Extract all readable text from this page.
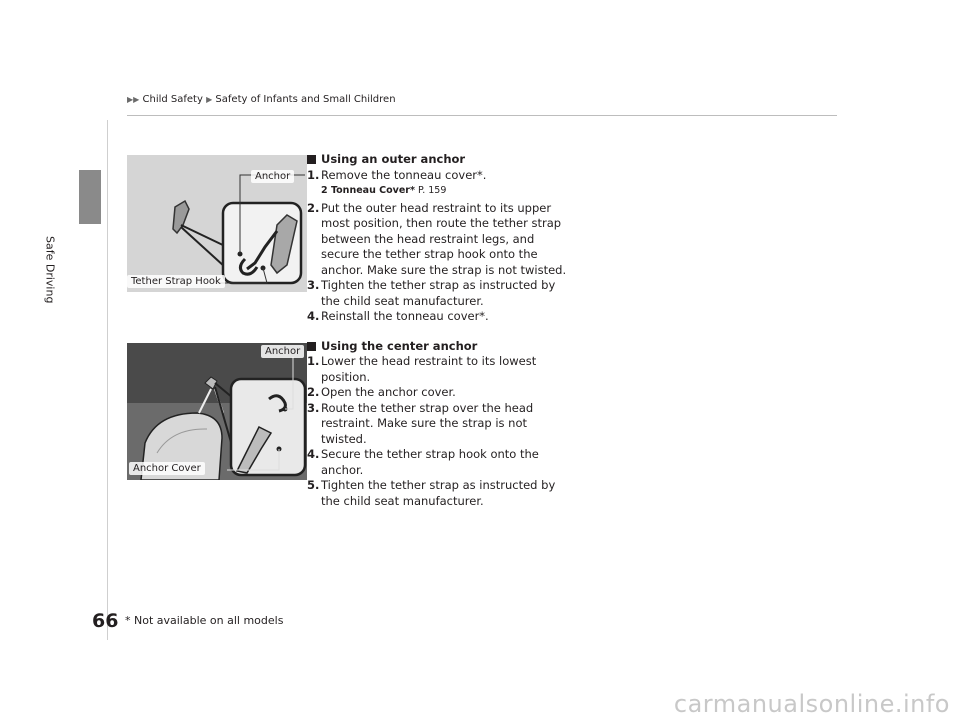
Safe Driving
▶▶ Child Safety ▶ Safety of Infants and Small Children
Anchor
Tether Strap Hook
Anchor
Anchor Cover
Using an outer anchor
1. Remove the tonneau cover*.
2 Tonneau Cover* P. 159
2. Put the outer head restraint to its upper most position, then route the tether strap between the head restraint legs, and secure the tether strap hook onto the anchor. Make sure the strap is not twisted.
3. Tighten the tether strap as instructed by the child seat manufacturer.
4. Reinstall the tonneau cover*.
Using the center anchor
1. Lower the head restraint to its lowest position.
2. Open the anchor cover.
3. Route the tether strap over the head restraint. Make sure the strap is not twisted.
4. Secure the tether strap hook onto the anchor.
5. Tighten the tether strap as instructed by the child seat manufacturer.
66 * Not available on all models
carmanualsonline.info
